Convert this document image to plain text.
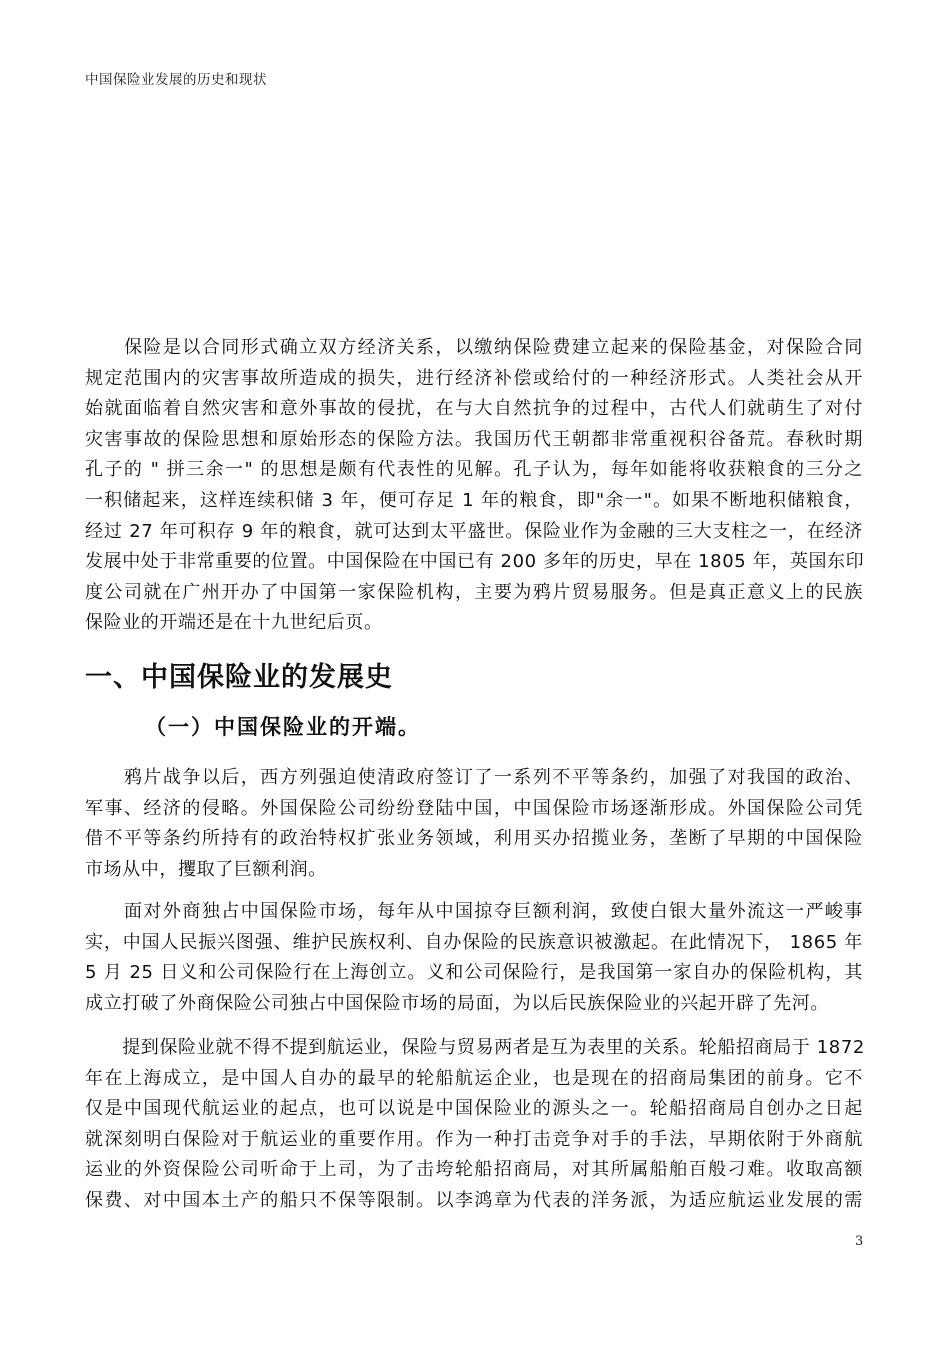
中国保险业发展的历史和现状
　　保险是以合同形式确立双方经济关系，以缴纳保险费建立起来的保险基金，对保险合同
规定范围内的灾害事故所造成的损失，进行经济补偿或给付的一种经济形式。人类社会从开
始就面临着自然灾害和意外事故的侵扰，在与大自然抗争的过程中，古代人们就萌生了对付
灾害事故的保险思想和原始形态的保险方法。我国历代王朝都非常重视积谷备荒。春秋时期
孔子的 " 拼三余一" 的思想是颇有代表性的见解。孔子认为，每年如能将收获粮食的三分之
一积储起来，这样连续积储 3 年，便可存足 1 年的粮食，即"余一"。如果不断地积储粮食，
经过 27 年可积存 9 年的粮食，就可达到太平盛世。保险业作为金融的三大支柱之一，在经济
发展中处于非常重要的位置。中国保险在中国已有 200 多年的历史，早在 1805 年，英国东印
度公司就在广州开办了中国第一家保险机构，主要为鸦片贸易服务。但是真正意义上的民族
保险业的开端还是在十九世纪后页。
一、中国保险业的发展史
（一）中国保险业的开端。
　　鸦片战争以后，西方列强迫使清政府签订了一系列不平等条约，加强了对我国的政治、
军事、经济的侵略。外国保险公司纷纷登陆中国，中国保险市场逐渐形成。外国保险公司凭
借不平等条约所持有的政治特权扩张业务领域，利用买办招揽业务，垄断了早期的中国保险
市场从中，攫取了巨额利润。
　　面对外商独占中国保险市场，每年从中国掠夺巨额利润，致使白银大量外流这一严峻事
实，中国人民振兴图强、维护民族权利、自办保险的民族意识被激起。在此情况下， 1865 年
5 月 25 日义和公司保险行在上海创立。义和公司保险行，是我国第一家自办的保险机构，其
成立打破了外商保险公司独占中国保险市场的局面，为以后民族保险业的兴起开辟了先河。
　　提到保险业就不得不提到航运业，保险与贸易两者是互为表里的关系。轮船招商局于 1872
年在上海成立，是中国人自办的最早的轮船航运企业，也是现在的招商局集团的前身。它不
仅是中国现代航运业的起点，也可以说是中国保险业的源头之一。轮船招商局自创办之日起
就深刻明白保险对于航运业的重要作用。作为一种打击竞争对手的手法，早期依附于外商航
运业的外资保险公司听命于上司，为了击垮轮船招商局，对其所属船舶百般刁难。收取高额
保费、对中国本土产的船只不保等限制。以李鸿章为代表的洋务派，为适应航运业发展的需
3
